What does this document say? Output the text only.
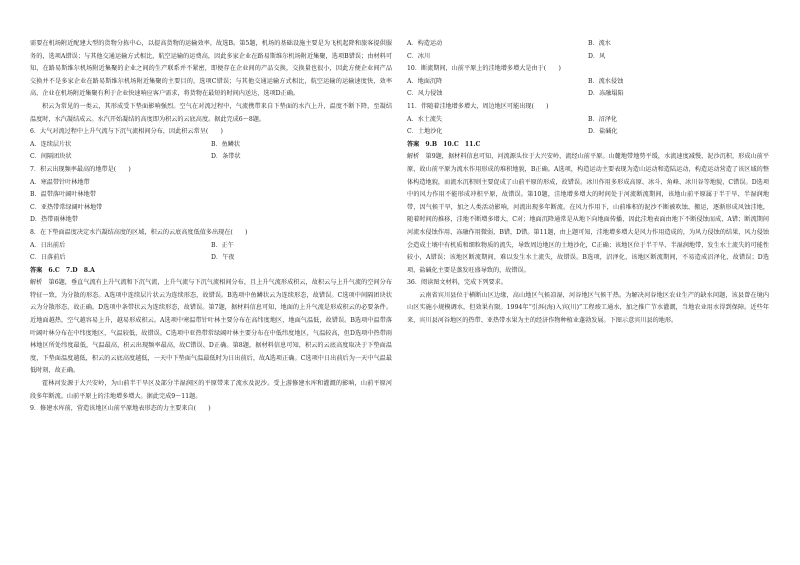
需要在机场附近配建大型的货物分拣中心，以提高货物的运输效率，故选B。第5题，机场的基础设施主要是为飞机起降和旅客提供服务的，选项A错误；与其他交通运输方式相比，航空运输的运费高，因此多家企业在路易斯维尔机场附近集聚，选项B错误；由材料可知，在路易斯维尔机场附近集聚的企业之间的生产联系并不紧密，即便存在企业间的产品交换，交换量也很小，因此方便企业间产品交换并不是多家企业在路易斯维尔机场附近集聚的主要目的，选项C错误；与其他交通运输方式相比，航空运输的运输速度快，效率高，企业在机场附近集聚有利于企业快速响应客户需求，将货物在最短的时间内送达，选项D正确。

积云为常见的一类云，其形成受下垫面影响强烈。空气在对流过程中，气流携带来自下垫面的水汽上升，温度不断下降，至凝结温度时，水汽凝结成云。水汽开始凝结的高度即为积云的云底高度。据此完成6～8题。

6．大气对流过程中上升气流与下沉气流相间分布，因此积云常呈(　　)

A．连续层片状	B．鱼鳞状
C．间隔团块状	D．条带状

7．积云出现频率最高的地带是(　　)

A．寒温带针叶林地带

B．温带落叶阔叶林地带

C．亚热带常绿阔叶林地带

D．热带雨林地带

8．在下垫面温度决定水汽凝结高度的区域，积云的云底高度低值多出现在(　　)

A．日出前后	B．正午
C．日落前后	D．午夜

答案　6.C　7.D　8.A

解析　第6题，垂直气流有上升气流和下沉气流，上升气流与下沉气流相间分布，且上升气流形成积云，故积云与上升气流的空间分布特征一致，为分散的形态。A选项中连续层片状云为连续形态，故错误。B选项中鱼鳞状云为连续形态，故错误。C选项中间隔团块状云为分散形态，故正确。D选项中条带状云为连续形态，故错误。第7题，据材料信息可知，地面的上升气流是形成积云的必要条件。近地面越热，空气越容易上升，越易形成积云。A选项中寒温带针叶林主要分布在高纬度地区，地面气温低，故错误。B选项中温带落叶阔叶林分布在中纬度地区，气温较低，故错误。C选项中亚热带常绿阔叶林主要分布在中低纬度地区，气温较高，但D选项中热带雨林地区所处纬度最低，气温最高，积云出现频率最高，故C错误、D正确。第8题，据材料信息可知，积云的云底高度取决于下垫面温度，下垫面温度越低，积云的云底高度越低，一天中下垫面气温最低时为日出前后，故A选项正确。C选项中日出前后为一天中气温最低时刻，故正确。

霍林河发源于大兴安岭，为山前半干旱区及部分半湿润区的平原带来了流水及泥沙。受上游修建水库和灌溉的影响，山前平原河段多年断流。山前平原上的洼地增多增大。据此完成9～11题。

9．修建水库前，营造该地区山前平原地表形态的力主要来自(　　)

A．构造运动	B．流水
C．冰川	D．风

10．断流期间，山前平原上的洼地增多增大是由于(　　)

A．地面沉降	B．流水侵蚀
C．风力侵蚀	D．冻融塌陷

11．伴随着洼地增多增大，周边地区可能出现(　　)

A．水土流失	B．沼泽化
C．土地沙化	D．盐碱化

答案　9.B　10.C　11.C

解析　第9题，据材料信息可知，河流源头位于大兴安岭，流经山前平原。山麓地带地势平缓，水流速度减慢，泥沙沉积，形成山前平原，故山前平原为流水作用形成的堆积地貌，B正确。A选项，构造运动主要表现为造山运动和造陆运动，构造运动营造了该区域的整体构造地貌，而流水沉积则主要促成了山前平原的形成，故错误。冰川作用多形成高原、冰斗、角峰、冰川谷等地貌，C错误。D选项中的风力作用不能形成冲积平原，故错误。第10题，洼地增多增大的时间处于河流断流期间，该地山前平原属于半干旱、半湿润地带，因气候干旱，加之人类活动影响，河流出现多年断流。在风力作用下，山前堆积的泥沙不断被吹蚀、搬运，逐渐形成风蚀洼地，随着时间的推移，洼地不断增多增大，C对；地面沉降通常是从地下向地面传播，因此洼地表面由地下不断侵蚀而成，A错；断流期间河流水侵蚀作用、冻融作用微弱，B错，D错。第11题，由上题可知，洼地增多增大是风力作用造成的，为风力侵蚀的结果，风力侵蚀会造成土壤中有机质和细粒物质的流失，导致周边地区的土地沙化，C正确；该地区位于半干旱、半湿润地带，发生水土流失的可能性较小，A错误；该地区断流期间，难以发生水土流失，故错误。B选项，沼泽化，该地区断流期间，不易造成沼泽化，故错误；D选项，盐碱化主要是蒸发旺盛导致的，故错误。

36．阅读图文材料，完成下列要求。

云南省宾川县位于横断山区边缘，高山地区气候凉湿，河谷地区气候干热。为解决河谷地区农业生产的缺水问题，该县曾在境内山区实施小规模调水，但效果有限。1994年“引洱(海)入宾(川)”工程竣工通水，加之推广节水灌溉，当地农业用水得到保障。近些年来，宾川县河谷地区的热带、亚热带水果为主的经济作物种植业蓬勃发展。下图示意宾川县的地形。
